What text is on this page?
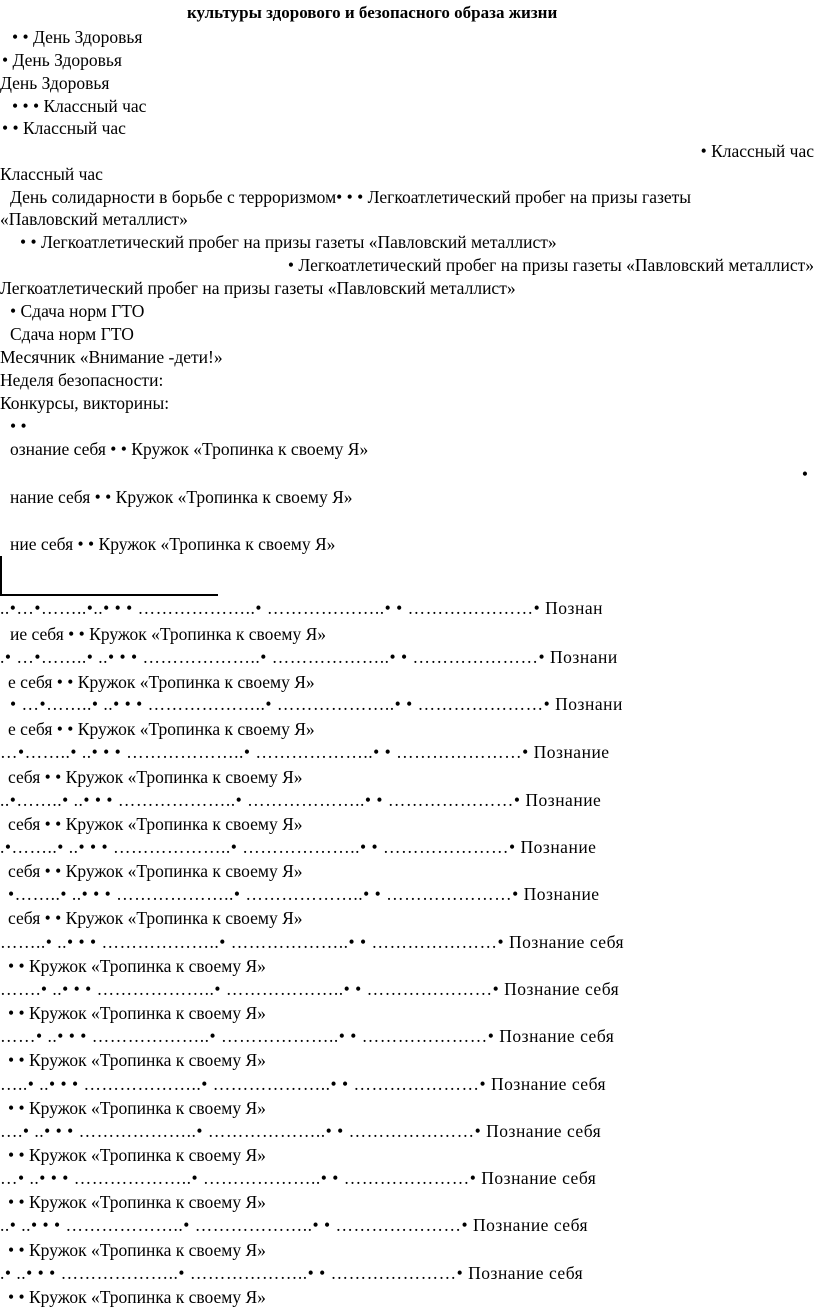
культуры здорового и безопасного образа жизни
• • День Здоровья
• День Здоровья
День Здоровья
• • • Классный час
• • Классный час
• Классный час
Классный час
День солидарности в борьбе с терроризмом• • • Легкоатлетический пробег на призы газеты
«Павловский металлист»
• • Легкоатлетический пробег на призы газеты «Павловский металлист»
• Легкоатлетический пробег на призы газеты «Павловский металлист»
Легкоатлетический пробег на призы газеты «Павловский металлист»
• Сдача норм ГТО
Сдача норм ГТО
Месячник «Внимание -дети!»
Неделя безопасности:
Конкурсы, викторины:
• •
ознание себя • • Кружок «Тропинка к своему Я»
•
нание себя • • Кружок «Тропинка к своему Я»
ние себя • • Кружок «Тропинка к своему Я»
..•…•……..•..• • • ………………..• ………………..• • …………………• Познан
ие себя • • Кружок «Тропинка к своему Я»
.• …•……..• ..• • • ………………..• ………………..• • …………………• Познани
е себя • • Кружок «Тропинка к своему Я»
• …•……..• ..• • • ………………..• ………………..• • …………………• Познани
е себя • • Кружок «Тропинка к своему Я»
…•……..• ..• • • ………………..• ………………..• • …………………• Познание
себя • • Кружок «Тропинка к своему Я»
..•……..• ..• • • ………………..• ………………..• • …………………• Познание
себя • • Кружок «Тропинка к своему Я»
.•……..• ..• • • ………………..• ………………..• • …………………• Познание
себя • • Кружок «Тропинка к своему Я»
•……..• ..• • • ………………..• ………………..• • …………………• Познание
себя • • Кружок «Тропинка к своему Я»
……..• ..• • • ………………..• ………………..• • …………………• Познание себя
• • Кружок «Тропинка к своему Я»
…….• ..• • • ………………..• ………………..• • …………………• Познание себя
• • Кружок «Тропинка к своему Я»
……• ..• • • ………………..• ………………..• • …………………• Познание себя
• • Кружок «Тропинка к своему Я»
…..• ..• • • ………………..• ………………..• • …………………• Познание себя
• • Кружок «Тропинка к своему Я»
….• ..• • • ………………..• ………………..• • …………………• Познание себя
• • Кружок «Тропинка к своему Я»
…• ..• • • ………………..• ………………..• • …………………• Познание себя
• • Кружок «Тропинка к своему Я»
..• ..• • • ………………..• ………………..• • …………………• Познание себя
• • Кружок «Тропинка к своему Я»
.• ..• • • ………………..• ………………..• • …………………• Познание себя
• • Кружок «Тропинка к своему Я»
